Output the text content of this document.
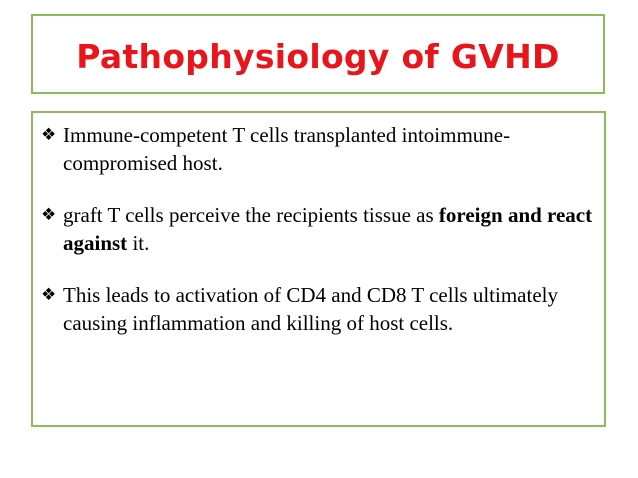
Pathophysiology of GVHD
❖ Immune-competent T cells transplanted intoimmune-compromised host.
❖ graft T cells perceive the recipients tissue as foreign and react against it.
❖ This leads to activation of CD4 and CD8 T cells ultimately causing inflammation and killing of host cells.
